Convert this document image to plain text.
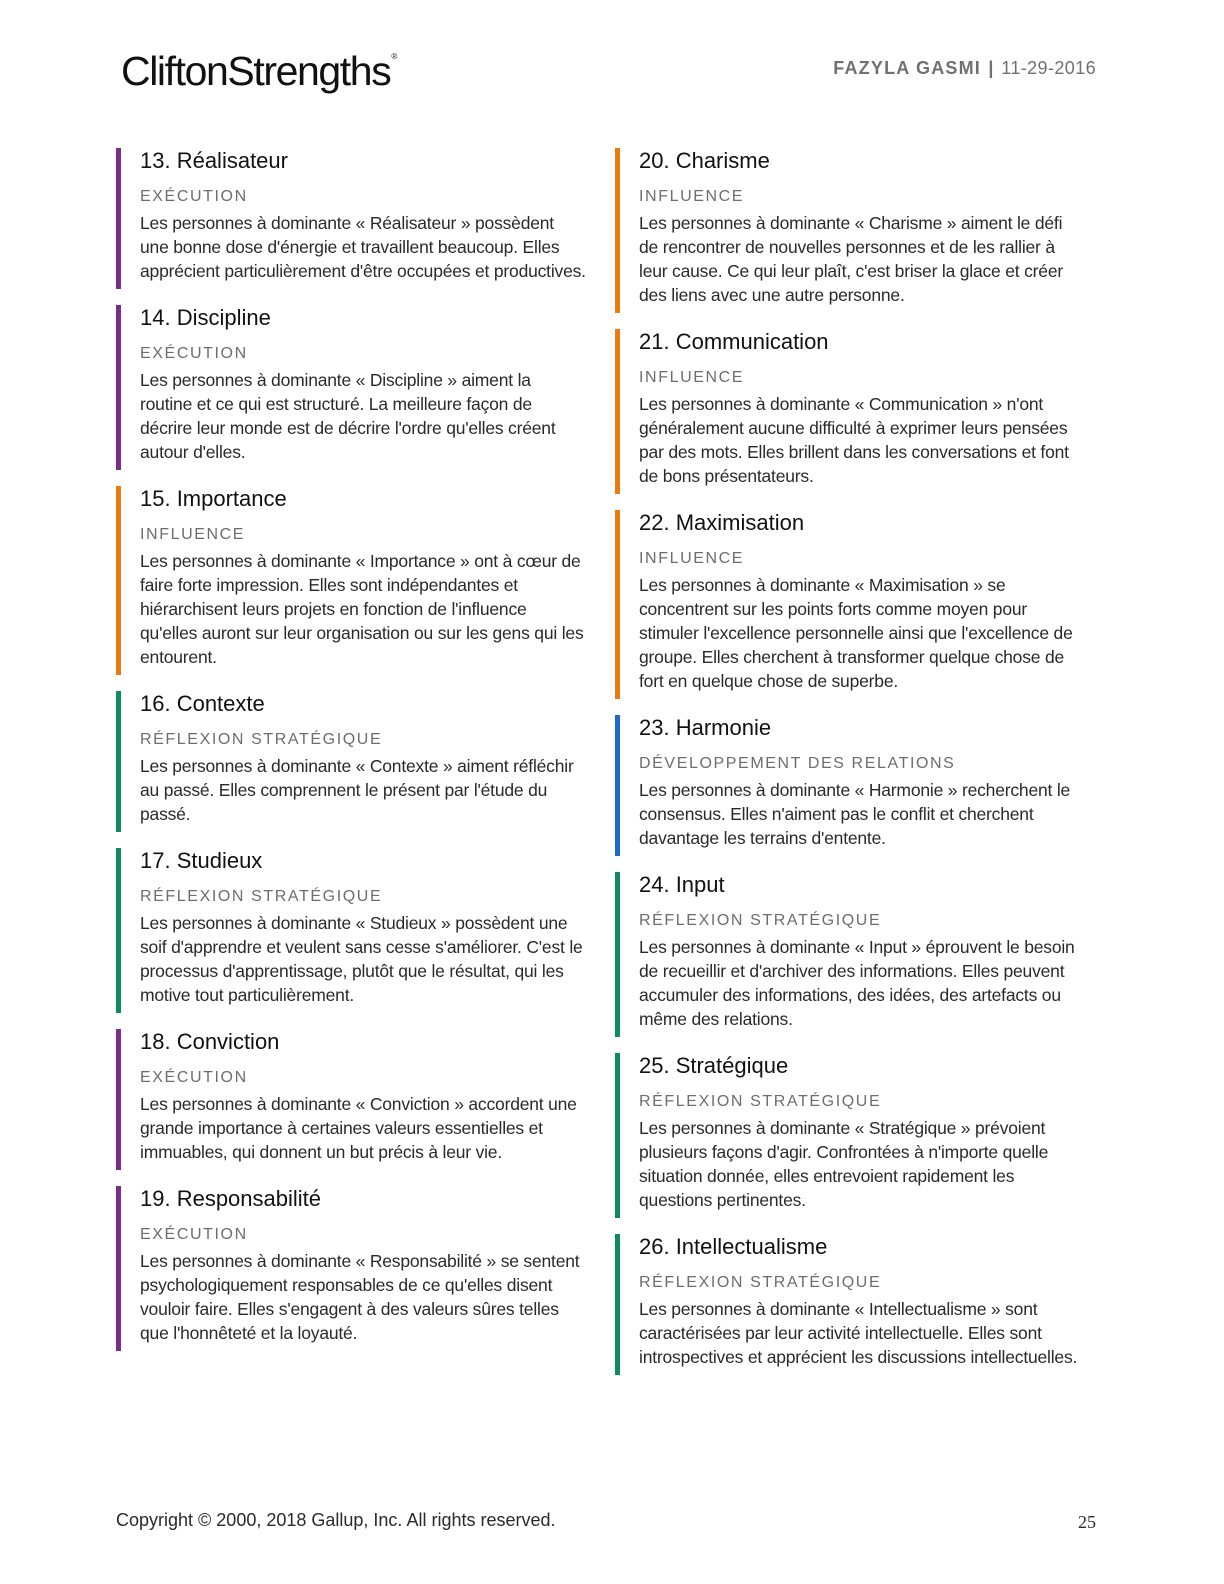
CliftonStrengths®
FAZYLA GASMI | 11-29-2016
13. Réalisateur
EXÉCUTION

Les personnes à dominante « Réalisateur » possèdent une bonne dose d'énergie et travaillent beaucoup. Elles apprécient particulièrement d'être occupées et productives.

14. Discipline
EXÉCUTION

Les personnes à dominante « Discipline » aiment la routine et ce qui est structuré. La meilleure façon de décrire leur monde est de décrire l'ordre qu'elles créent autour d'elles.

15. Importance
INFLUENCE

Les personnes à dominante « Importance » ont à cœur de faire forte impression. Elles sont indépendantes et hiérarchisent leurs projets en fonction de l'influence qu'elles auront sur leur organisation ou sur les gens qui les entourent.

16. Contexte
RÉFLEXION STRATÉGIQUE

Les personnes à dominante « Contexte » aiment réfléchir au passé. Elles comprennent le présent par l'étude du passé.

17. Studieux
RÉFLEXION STRATÉGIQUE

Les personnes à dominante « Studieux » possèdent une soif d'apprendre et veulent sans cesse s'améliorer. C'est le processus d'apprentissage, plutôt que le résultat, qui les motive tout particulièrement.

18. Conviction
EXÉCUTION

Les personnes à dominante « Conviction » accordent une grande importance à certaines valeurs essentielles et immuables, qui donnent un but précis à leur vie.

19. Responsabilité
EXÉCUTION

Les personnes à dominante « Responsabilité » se sentent psychologiquement responsables de ce qu'elles disent vouloir faire. Elles s'engagent à des valeurs sûres telles que l'honnêteté et la loyauté.

20. Charisme
INFLUENCE

Les personnes à dominante « Charisme » aiment le défi de rencontrer de nouvelles personnes et de les rallier à leur cause. Ce qui leur plaît, c'est briser la glace et créer des liens avec une autre personne.

21. Communication
INFLUENCE

Les personnes à dominante « Communication » n'ont généralement aucune difficulté à exprimer leurs pensées par des mots. Elles brillent dans les conversations et font de bons présentateurs.

22. Maximisation
INFLUENCE

Les personnes à dominante « Maximisation » se concentrent sur les points forts comme moyen pour stimuler l'excellence personnelle ainsi que l'excellence de groupe. Elles cherchent à transformer quelque chose de fort en quelque chose de superbe.

23. Harmonie
DÉVELOPPEMENT DES RELATIONS

Les personnes à dominante « Harmonie » recherchent le consensus. Elles n'aiment pas le conflit et cherchent davantage les terrains d'entente.

24. Input
RÉFLEXION STRATÉGIQUE

Les personnes à dominante « Input » éprouvent le besoin de recueillir et d'archiver des informations. Elles peuvent accumuler des informations, des idées, des artefacts ou même des relations.

25. Stratégique
RÉFLEXION STRATÉGIQUE

Les personnes à dominante « Stratégique » prévoient plusieurs façons d'agir. Confrontées à n'importe quelle situation donnée, elles entrevoient rapidement les questions pertinentes.

26. Intellectualisme
RÉFLEXION STRATÉGIQUE

Les personnes à dominante « Intellectualisme » sont caractérisées par leur activité intellectuelle. Elles sont introspectives et apprécient les discussions intellectuelles.

Copyright © 2000, 2018 Gallup, Inc. All rights reserved.	25
